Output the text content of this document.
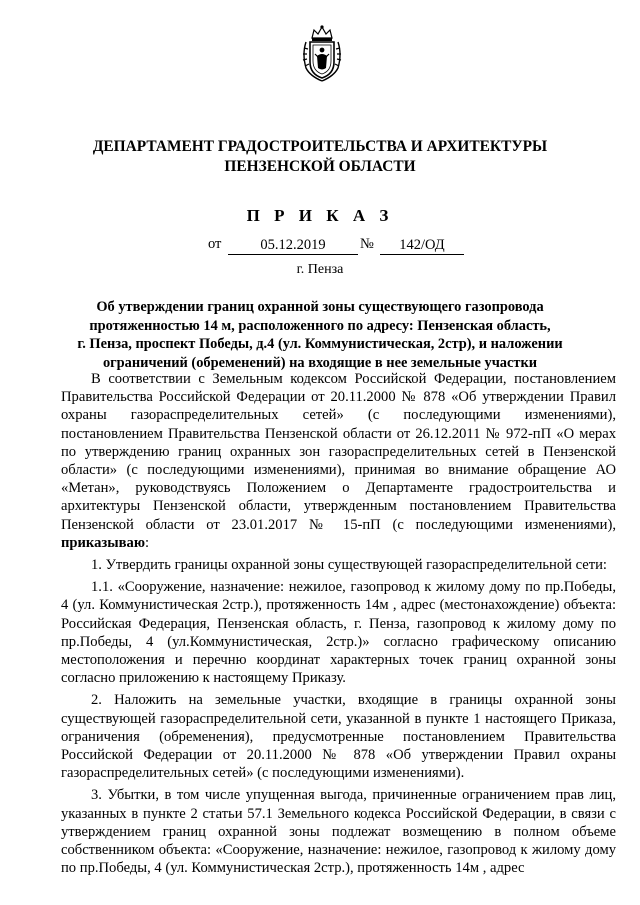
ДЕПАРТАМЕНТ ГРАДОСТРОИТЕЛЬСТВА И АРХИТЕКТУРЫ
ПЕНЗЕНСКОЙ ОБЛАСТИ
П Р И К А З
от	05.12.2019	№	142/ОД
г. Пенза
Об утверждении границ охранной зоны существующего газопровода
протяженностью 14 м, расположенного по адресу: Пензенская область,
г. Пенза, проспект Победы, д.4 (ул. Коммунистическая, 2стр), и наложении
ограничений (обременений) на входящие в нее земельные участки

В соответствии с Земельным кодексом Российской Федерации, постановлением Правительства Российской Федерации от 20.11.2000 № 878 «Об утверждении Правил охраны газораспределительных сетей» (с последующими изменениями), постановлением Правительства Пензенской области от 26.12.2011 № 972-пП «О мерах по утверждению границ охранных зон газораспределительных сетей в Пензенской области» (с последующими изменениями), принимая во внимание обращение АО «Метан», руководствуясь Положением о Департаменте градостроительства и архитектуры Пензенской области, утвержденным постановлением Правительства Пензенской области от 23.01.2017 № 15-пП (с последующими изменениями), приказываю:

1. Утвердить границы охранной зоны существующей газораспределительной сети:

1.1. «Сооружение, назначение: нежилое, газопровод к жилому дому по пр.Победы, 4 (ул. Коммунистическая 2стр.), протяженность 14м , адрес (местонахождение) объекта: Российская Федерация, Пензенская область, г. Пенза, газопровод к жилому дому по пр.Победы, 4 (ул.Коммунистическая, 2стр.)» согласно графическому описанию местоположения и перечню координат характерных точек границ охранной зоны согласно приложению к настоящему Приказу.

2. Наложить на земельные участки, входящие в границы охранной зоны существующей газораспределительной сети, указанной в пункте 1 настоящего Приказа, ограничения (обременения), предусмотренные постановлением Правительства Российской Федерации от 20.11.2000 № 878 «Об утверждении Правил охраны газораспределительных сетей» (с последующими изменениями).

3. Убытки, в том числе упущенная выгода, причиненные ограничением прав лиц, указанных в пункте 2 статьи 57.1 Земельного кодекса Российской Федерации, в связи с утверждением границ охранной зоны подлежат возмещению в полном объеме собственником объекта: «Сооружение, назначение: нежилое, газопровод к жилому дому по пр.Победы, 4 (ул. Коммунистическая 2стр.), протяженность 14м , адрес
